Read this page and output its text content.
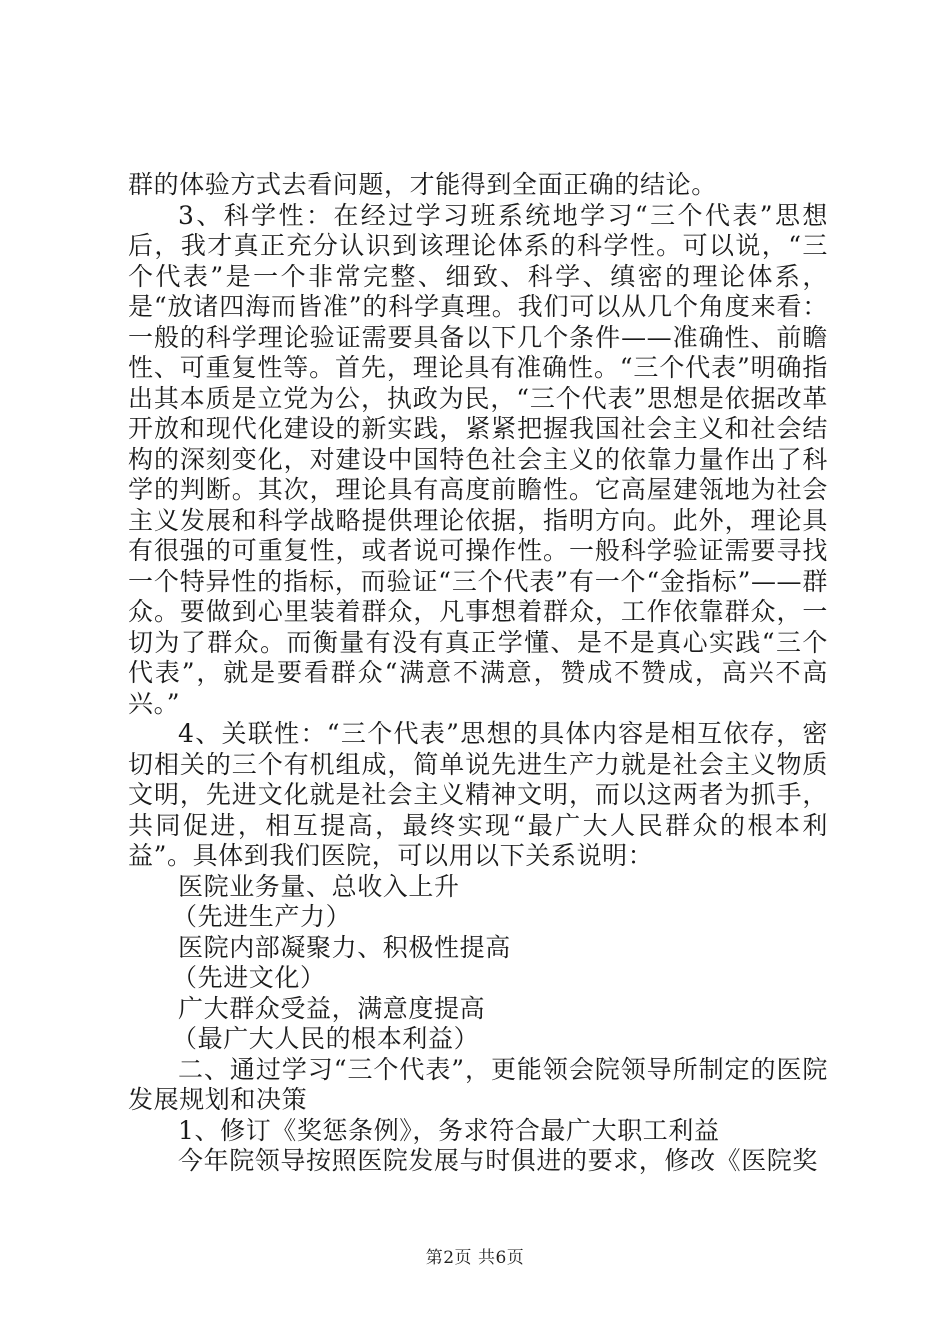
群的体验方式去看问题，才能得到全面正确的结论。

3、科学性：在经过学习班系统地学习“三个代表”思想后，我才真正充分认识到该理论体系的科学性。可以说，“三个代表”是一个非常完整、细致、科学、缜密的理论体系，是“放诸四海而皆准”的科学真理。我们可以从几个角度来看：一般的科学理论验证需要具备以下几个条件——准确性、前瞻性、可重复性等。首先，理论具有准确性。“三个代表”明确指出其本质是立党为公，执政为民，“三个代表”思想是依据改革开放和现代化建设的新实践，紧紧把握我国社会主义和社会结构的深刻变化，对建设中国特色社会主义的依靠力量作出了科学的判断。其次，理论具有高度前瞻性。它高屋建瓴地为社会主义发展和科学战略提供理论依据，指明方向。此外，理论具有很强的可重复性，或者说可操作性。一般科学验证需要寻找一个特异性的指标，而验证“三个代表”有一个“金指标”——群众。要做到心里装着群众，凡事想着群众，工作依靠群众，一切为了群众。而衡量有没有真正学懂、是不是真心实践“三个代表”，就是要看群众“满意不满意，赞成不赞成，高兴不高兴。”

4、关联性：“三个代表”思想的具体内容是相互依存，密切相关的三个有机组成，简单说先进生产力就是社会主义物质文明，先进文化就是社会主义精神文明，而以这两者为抓手，共同促进，相互提高，最终实现“最广大人民群众的根本利益”。具体到我们医院，可以用以下关系说明：

医院业务量、总收入上升

（先进生产力）

医院内部凝聚力、积极性提高

（先进文化）

广大群众受益，满意度提高

（最广大人民的根本利益）

二、通过学习“三个代表”，更能领会院领导所制定的医院发展规划和决策

1、修订《奖惩条例》，务求符合最广大职工利益

今年院领导按照医院发展与时俱进的要求，修改《医院奖

第2页 共6页
